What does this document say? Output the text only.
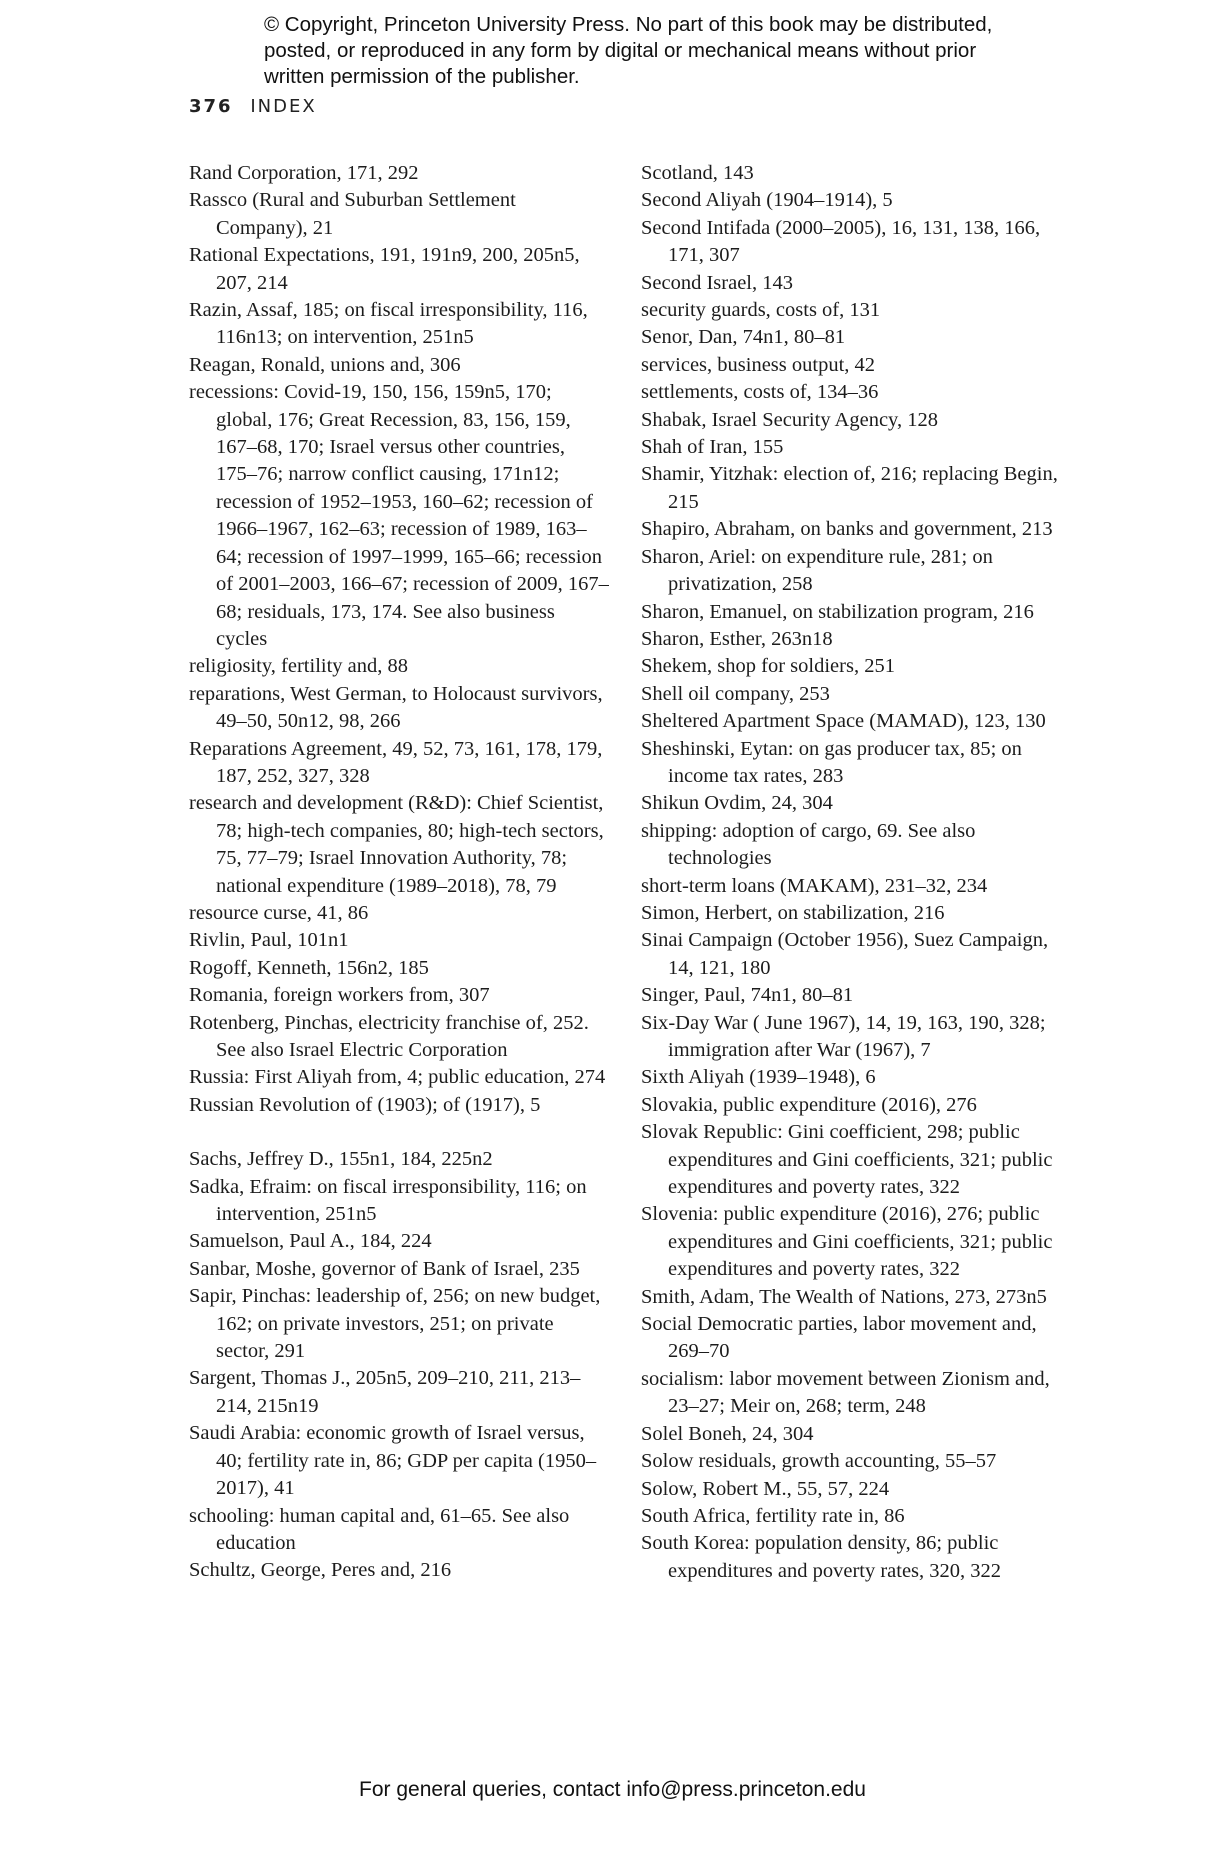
© Copyright, Princeton University Press. No part of this book may be distributed, posted, or reproduced in any form by digital or mechanical means without prior written permission of the publisher.
376 INDEX

Rand Corporation, 171, 292

Rassco (Rural and Suburban Settlement Company), 21

Rational Expectations, 191, 191n9, 200, 205n5, 207, 214

Razin, Assaf, 185; on fiscal irresponsibility, 116, 116n13; on intervention, 251n5

Reagan, Ronald, unions and, 306

recessions: Covid-19, 150, 156, 159n5, 170; global, 176; Great Recession, 83, 156, 159, 167–68, 170; Israel versus other countries, 175–76; narrow conflict causing, 171n12; recession of 1952–1953, 160–62; recession of 1966–1967, 162–63; recession of 1989, 163–64; recession of 1997–1999, 165–66; recession of 2001–2003, 166–67; recession of 2009, 167–68; residuals, 173, 174. See also business cycles

religiosity, fertility and, 88

reparations, West German, to Holocaust survivors, 49–50, 50n12, 98, 266

Reparations Agreement, 49, 52, 73, 161, 178, 179, 187, 252, 327, 328

research and development (R&D): Chief Scientist, 78; high-tech companies, 80; high-tech sectors, 75, 77–79; Israel Innovation Authority, 78; national expenditure (1989–2018), 78, 79

resource curse, 41, 86

Rivlin, Paul, 101n1

Rogoff, Kenneth, 156n2, 185

Romania, foreign workers from, 307

Rotenberg, Pinchas, electricity franchise of, 252. See also Israel Electric Corporation

Russia: First Aliyah from, 4; public education, 274

Russian Revolution of (1903); of (1917), 5

Sachs, Jeffrey D., 155n1, 184, 225n2

Sadka, Efraim: on fiscal irresponsibility, 116; on intervention, 251n5

Samuelson, Paul A., 184, 224

Sanbar, Moshe, governor of Bank of Israel, 235

Sapir, Pinchas: leadership of, 256; on new budget, 162; on private investors, 251; on private sector, 291

Sargent, Thomas J., 205n5, 209–210, 211, 213–214, 215n19

Saudi Arabia: economic growth of Israel versus, 40; fertility rate in, 86; GDP per capita (1950–2017), 41

schooling: human capital and, 61–65. See also education

Schultz, George, Peres and, 216

Scotland, 143

Second Aliyah (1904–1914), 5

Second Intifada (2000–2005), 16, 131, 138, 166, 171, 307

Second Israel, 143

security guards, costs of, 131

Senor, Dan, 74n1, 80–81

services, business output, 42

settlements, costs of, 134–36

Shabak, Israel Security Agency, 128

Shah of Iran, 155

Shamir, Yitzhak: election of, 216; replacing Begin, 215

Shapiro, Abraham, on banks and government, 213

Sharon, Ariel: on expenditure rule, 281; on privatization, 258

Sharon, Emanuel, on stabilization program, 216

Sharon, Esther, 263n18

Shekem, shop for soldiers, 251

Shell oil company, 253

Sheltered Apartment Space (MAMAD), 123, 130

Sheshinski, Eytan: on gas producer tax, 85; on income tax rates, 283

Shikun Ovdim, 24, 304

shipping: adoption of cargo, 69. See also technologies

short-term loans (MAKAM), 231–32, 234

Simon, Herbert, on stabilization, 216

Sinai Campaign (October 1956), Suez Campaign, 14, 121, 180

Singer, Paul, 74n1, 80–81

Six-Day War ( June 1967), 14, 19, 163, 190, 328; immigration after War (1967), 7

Sixth Aliyah (1939–1948), 6

Slovakia, public expenditure (2016), 276

Slovak Republic: Gini coefficient, 298; public expenditures and Gini coefficients, 321; public expenditures and poverty rates, 322

Slovenia: public expenditure (2016), 276; public expenditures and Gini coefficients, 321; public expenditures and poverty rates, 322

Smith, Adam, The Wealth of Nations, 273, 273n5

Social Democratic parties, labor movement and, 269–70

socialism: labor movement between Zionism and, 23–27; Meir on, 268; term, 248

Solel Boneh, 24, 304

Solow residuals, growth accounting, 55–57

Solow, Robert M., 55, 57, 224

South Africa, fertility rate in, 86

South Korea: population density, 86; public expenditures and poverty rates, 320, 322

For general queries, contact info@press.princeton.edu
